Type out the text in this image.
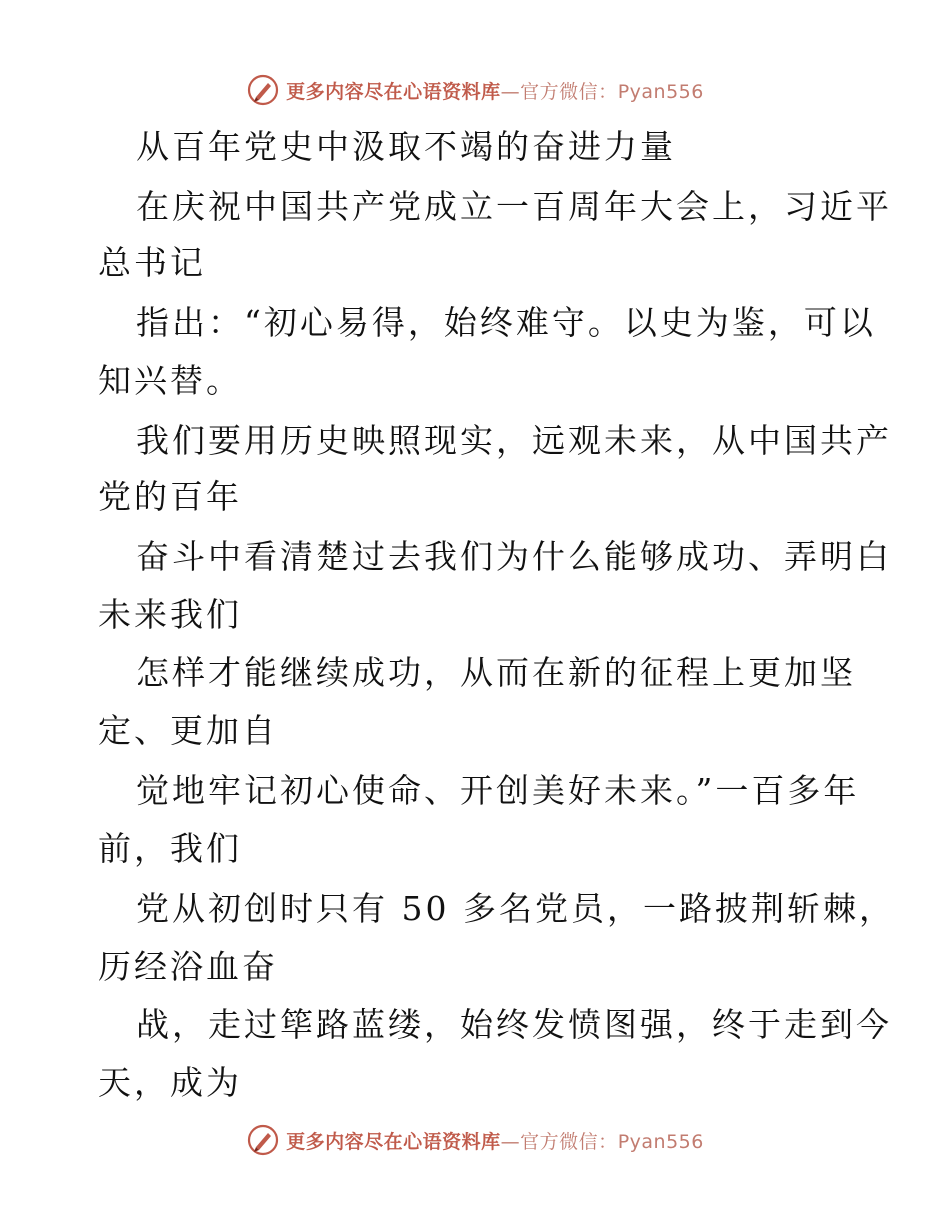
更多内容尽在心语资料库—官方微信：Pyan556
从百年党史中汲取不竭的奋进力量
在庆祝中国共产党成立一百周年大会上，习近平
总书记
指出：“初心易得，始终难守。以史为鉴，可以
知兴替。
我们要用历史映照现实，远观未来，从中国共产
党的百年
奋斗中看清楚过去我们为什么能够成功、弄明白
未来我们
怎样才能继续成功，从而在新的征程上更加坚
定、更加自
觉地牢记初心使命、开创美好未来。”一百多年
前，我们
党从初创时只有 50 多名党员，一路披荆斩棘，
历经浴血奋
战，走过筚路蓝缕，始终发愤图强，终于走到今
天，成为
更多内容尽在心语资料库—官方微信：Pyan556
